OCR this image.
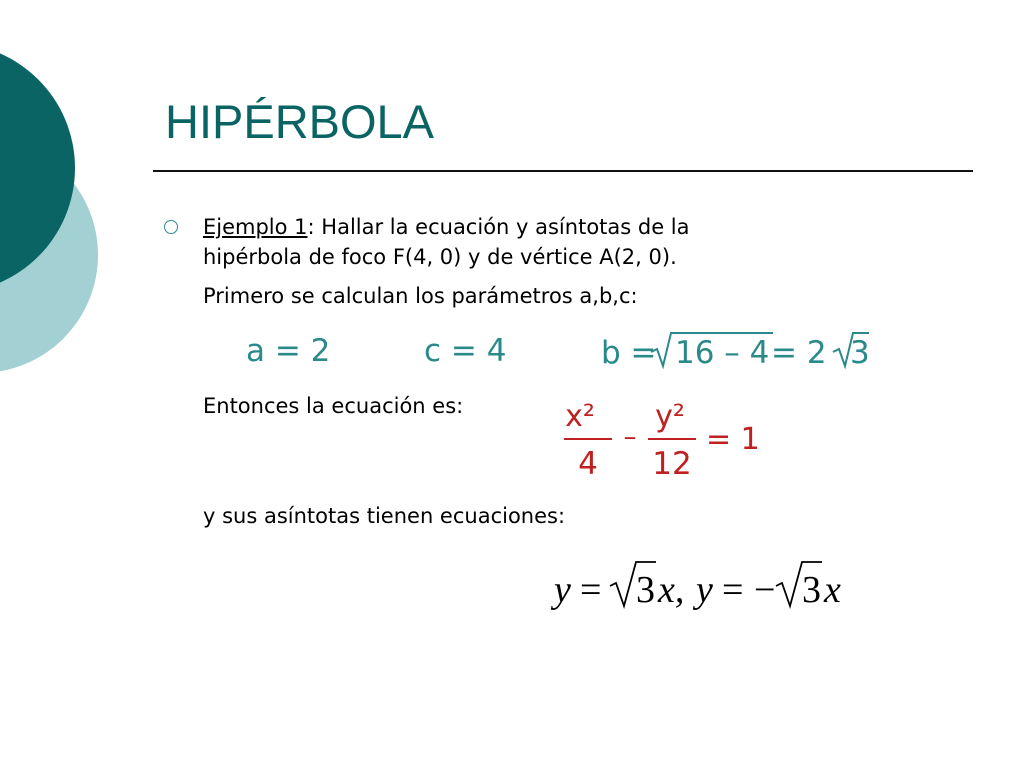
HIPÉRBOLA
Ejemplo 1: Hallar la ecuación y asíntotas de la
hipérbola de foco F(4, 0) y de vértice A(2, 0).
Primero se calculan los parámetros a,b,c:
a = 2	c = 4	b = 16 – 4 = 2 3
Entonces la ecuación es:	x²
4
–
y²
12
= 1
y sus asíntotas tienen ecuaciones:
y = 3 x, y = − 3 x
